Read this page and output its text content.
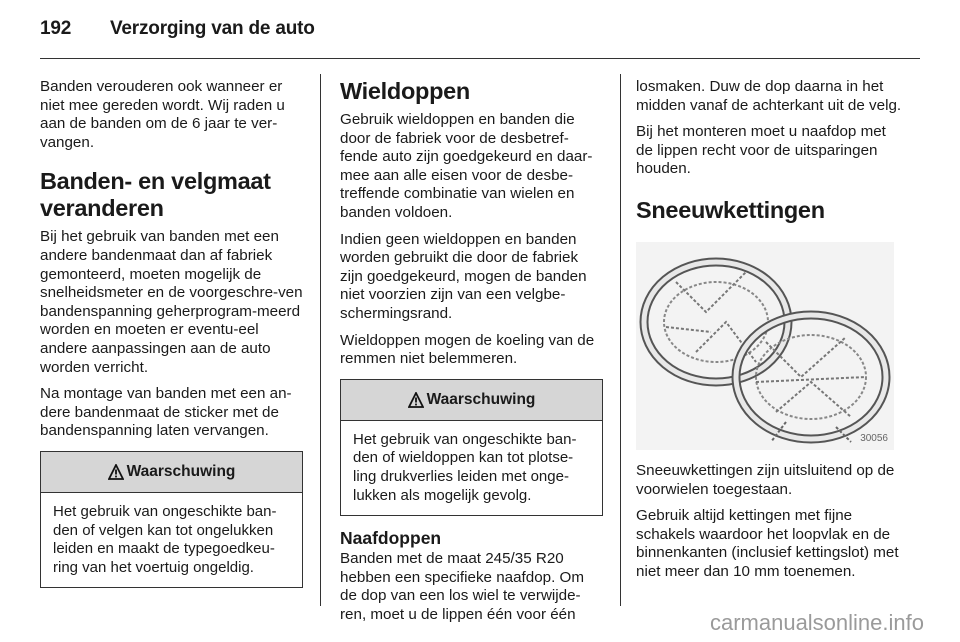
192 Verzorging van de auto

Banden verouderen ook wanneer er niet mee gereden wordt. Wij raden u aan de banden om de 6 jaar te ver-vangen.

Banden- en velgmaat veranderen

Bij het gebruik van banden met een andere bandenmaat dan af fabriek gemonteerd, moeten mogelijk de snelheidsmeter en de voorgeschre-ven bandenspanning geherprogram-meerd worden en moeten er eventu-eel andere aanpassingen aan de auto worden verricht.

Na montage van banden met een an-dere bandenmaat de sticker met de bandenspanning laten vervangen.

Waarschuwing
Het gebruik van ongeschikte ban-den of velgen kan tot ongelukken leiden en maakt de typegoedkeu-ring van het voertuig ongeldig.
Wieldoppen

Gebruik wieldoppen en banden die door de fabriek voor de desbetref-fende auto zijn goedgekeurd en daar-mee aan alle eisen voor de desbe-treffende combinatie van wielen en banden voldoen.

Indien geen wieldoppen en banden worden gebruikt die door de fabriek zijn goedgekeurd, mogen de banden niet voorzien zijn van een velgbe-schermingsrand.

Wieldoppen mogen de koeling van de remmen niet belemmeren.

Waarschuwing
Het gebruik van ongeschikte ban-den of wieldoppen kan tot plotse-ling drukverlies leiden met onge-lukken als mogelijk gevolg.
Naafdoppen

Banden met de maat 245/35 R20 hebben een specifieke naafdop. Om de dop van een los wiel te verwijde-ren, moet u de lippen één voor één

losmaken. Duw de dop daarna in het midden vanaf de achterkant uit de velg.

Bij het monteren moet u naafdop met de lippen recht voor de uitsparingen houden.

Sneeuwkettingen
30056

Sneeuwkettingen zijn uitsluitend op de voorwielen toegestaan.

Gebruik altijd kettingen met fijne schakels waardoor het loopvlak en de binnenkanten (inclusief kettingslot) met niet meer dan 10 mm toenemen.

carmanualsonline.info
